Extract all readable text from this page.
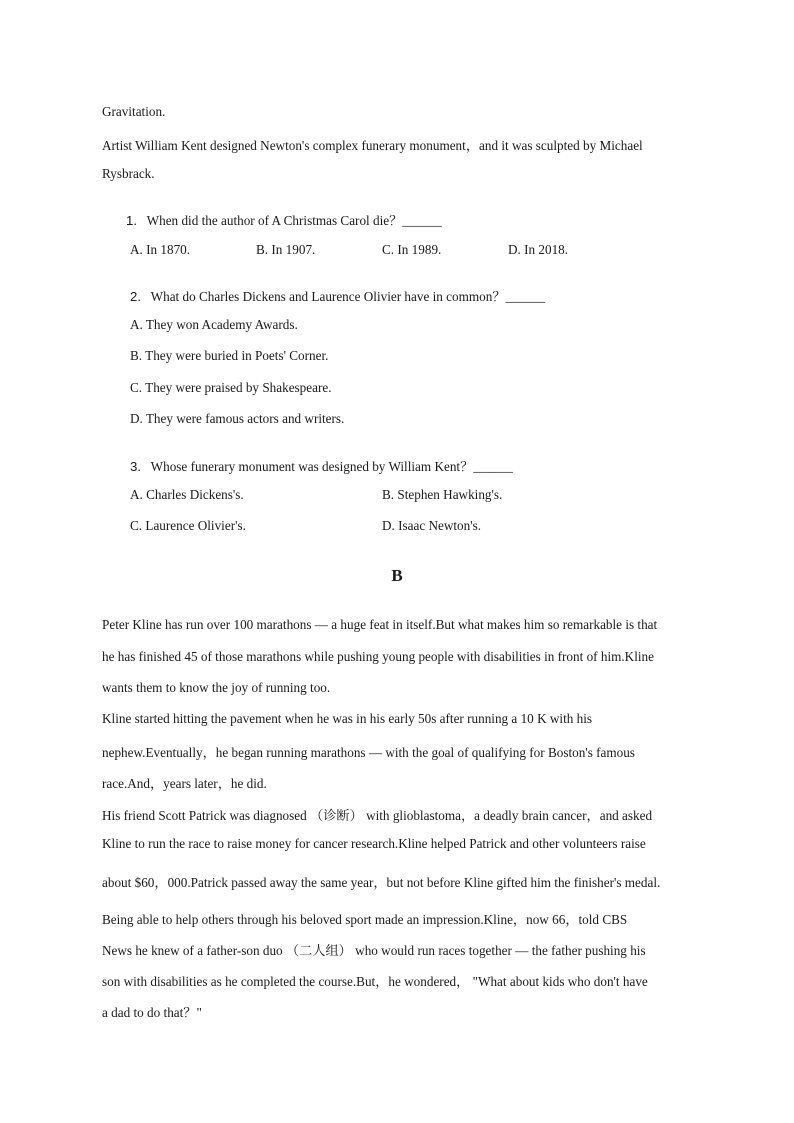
Gravitation.
Artist William Kent designed Newton's complex funerary monument，and it was sculpted by Michael
Rysbrack.
1. When did the author of A Christmas Carol die？______
A. In 1870.	B. In 1907.	C. In 1989.	D. In 2018.
2. What do Charles Dickens and Laurence Olivier have in common？______
A. They won Academy Awards.
B. They were buried in Poets' Corner.
C. They were praised by Shakespeare.
D. They were famous actors and writers.
3. Whose funerary monument was designed by William Kent？______
A. Charles Dickens's.	B. Stephen Hawking's.
C. Laurence Olivier's.	D. Isaac Newton's.
B
Peter Kline has run over 100 marathons — a huge feat in itself.But what makes him so remarkable is that
he has finished 45 of those marathons while pushing young people with disabilities in front of him.Kline
wants them to know the joy of running too.
Kline started hitting the pavement when he was in his early 50s after running a 10 K with his
nephew.Eventually，he began running marathons — with the goal of qualifying for Boston's famous
race.And，years later，he did.
His friend Scott Patrick was diagnosed （诊断） with glioblastoma，a deadly brain cancer，and asked
Kline to run the race to raise money for cancer research.Kline helped Patrick and other volunteers raise
about $60，000.Patrick passed away the same year，but not before Kline gifted him the finisher's medal.
Being able to help others through his beloved sport made an impression.Kline，now 66，told CBS
News he knew of a father-son duo （二人组） who would run races together — the father pushing his
son with disabilities as he completed the course.But，he wondered， "What about kids who don't have
a dad to do that？"
